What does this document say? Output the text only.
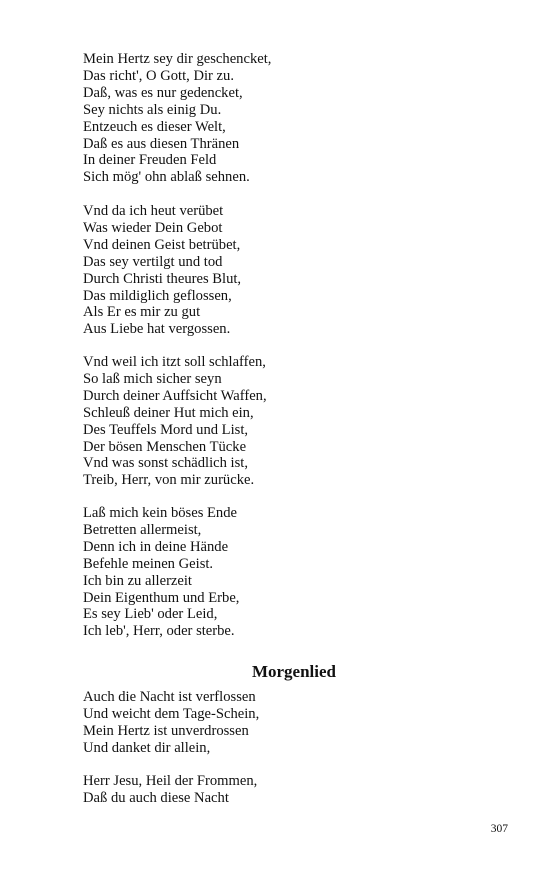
Mein Hertz sey dir geschencket,
Das richt', O Gott, Dir zu.
Daß, was es nur gedencket,
Sey nichts als einig Du.
Entzeuch es dieser Welt,
Daß es aus diesen Thränen
In deiner Freuden Feld
Sich mög' ohn ablaß sehnen.
Vnd da ich heut verübet
Was wieder Dein Gebot
Vnd deinen Geist betrübet,
Das sey vertilgt und tod
Durch Christi theures Blut,
Das mildiglich geflossen,
Als Er es mir zu gut
Aus Liebe hat vergossen.
Vnd weil ich itzt soll schlaffen,
So laß mich sicher seyn
Durch deiner Auffsicht Waffen,
Schleuß deiner Hut mich ein,
Des Teuffels Mord und List,
Der bösen Menschen Tücke
Vnd was sonst schädlich ist,
Treib, Herr, von mir zurücke.
Laß mich kein böses Ende
Betretten allermeist,
Denn ich in deine Hände
Befehle meinen Geist.
Ich bin zu allerzeit
Dein Eigenthum und Erbe,
Es sey Lieb' oder Leid,
Ich leb', Herr, oder sterbe.
Morgenlied
Auch die Nacht ist verflossen
Und weicht dem Tage-Schein,
Mein Hertz ist unverdrossen
Und danket dir allein,
Herr Jesu, Heil der Frommen,
Daß du auch diese Nacht
307
